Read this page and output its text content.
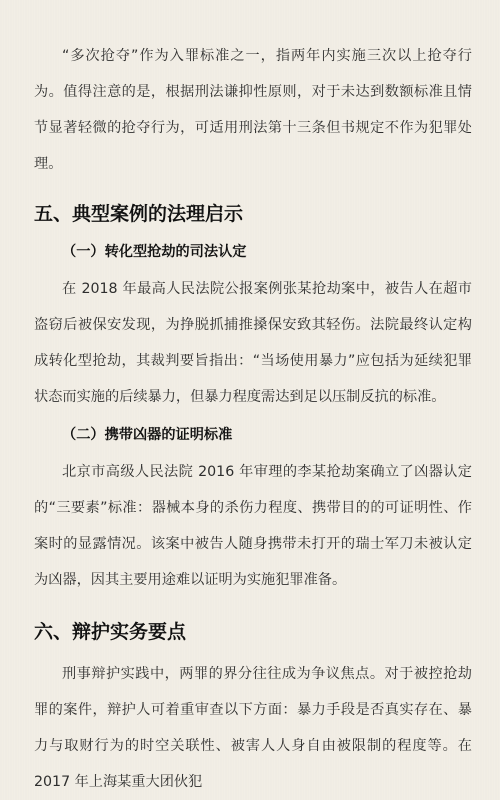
“多次抢夺”作为入罪标准之一，指两年内实施三次以上抢夺行为。值得注意的是，根据刑法谦抑性原则，对于未达到数额标准且情节显著轻微的抢夺行为，可适用刑法第十三条但书规定不作为犯罪处理。

五、典型案例的法理启示
（一）转化型抢劫的司法认定

在 2018 年最高人民法院公报案例张某抢劫案中，被告人在超市盗窃后被保安发现，为挣脱抓捕推搡保安致其轻伤。法院最终认定构成转化型抢劫，其裁判要旨指出：“当场使用暴力”应包括为延续犯罪状态而实施的后续暴力，但暴力程度需达到足以压制反抗的标准。

（二）携带凶器的证明标准

北京市高级人民法院 2016 年审理的李某抢劫案确立了凶器认定的“三要素”标准：器械本身的杀伤力程度、携带目的的可证明性、作案时的显露情况。该案中被告人随身携带未打开的瑞士军刀未被认定为凶器，因其主要用途难以证明为实施犯罪准备。

六、辩护实务要点

刑事辩护实践中，两罪的界分往往成为争议焦点。对于被控抢劫罪的案件，辩护人可着重审查以下方面：暴力手段是否真实存在、暴力与取财行为的时空关联性、被害人人身自由被限制的程度等。在 2017 年上海某重大团伙犯
